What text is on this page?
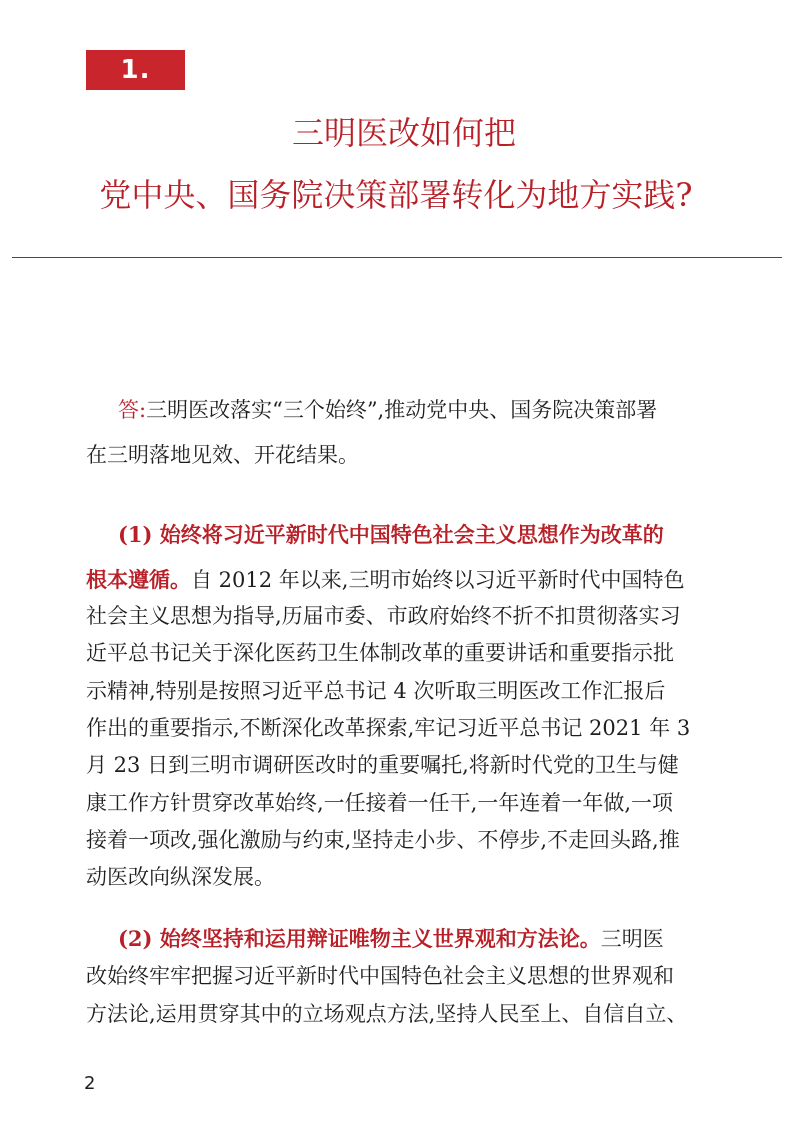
1.
三明医改如何把
党中央、国务院决策部署转化为地方实践?
答:三明医改落实“三个始终”,推动党中央、国务院决策部署
在三明落地见效、开花结果。
(1) 始终将习近平新时代中国特色社会主义思想作为改革的
根本遵循。自 2012 年以来,三明市始终以习近平新时代中国特色
社会主义思想为指导,历届市委、市政府始终不折不扣贯彻落实习
近平总书记关于深化医药卫生体制改革的重要讲话和重要指示批
示精神,特别是按照习近平总书记 4 次听取三明医改工作汇报后
作出的重要指示,不断深化改革探索,牢记习近平总书记 2021 年 3
月 23 日到三明市调研医改时的重要嘱托,将新时代党的卫生与健
康工作方针贯穿改革始终,一任接着一任干,一年连着一年做,一项
接着一项改,强化激励与约束,坚持走小步、不停步,不走回头路,推
动医改向纵深发展。
(2) 始终坚持和运用辩证唯物主义世界观和方法论。三明医
改始终牢牢把握习近平新时代中国特色社会主义思想的世界观和
方法论,运用贯穿其中的立场观点方法,坚持人民至上、自信自立、
2
